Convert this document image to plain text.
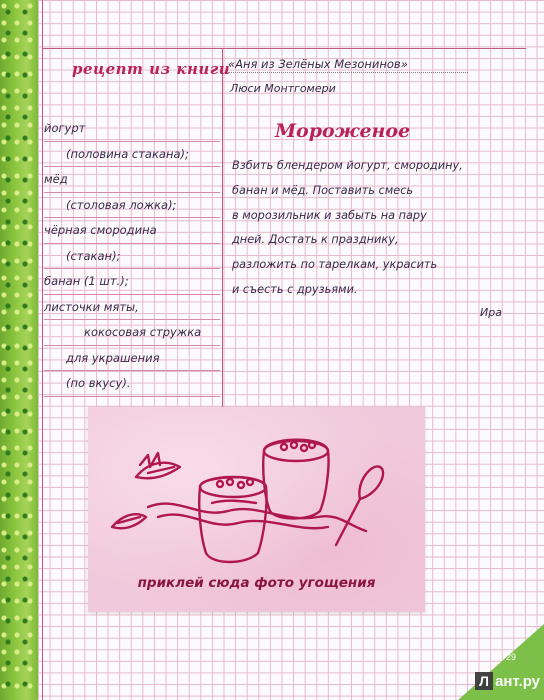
рецепт из книги
«Аня из Зелёных Мезонинов»
Люси Монтгомери
йогурт
(половина стакана);
мёд
(столовая ложка);
чёрная смородина
(стакан);
банан (1 шт.);
листочки мяты,
кокосовая стружка
для украшения
(по вкусу).
Мороженое
Взбить блендером йогурт, смородину,
банан и мёд. Поставить смесь
в морозильник и забыть на пару
дней. Достать к празднику,
разложить по тарелкам, украсить
и съесть с друзьями.
Ира
приклей сюда фото угощения
29
Л ант.ру
